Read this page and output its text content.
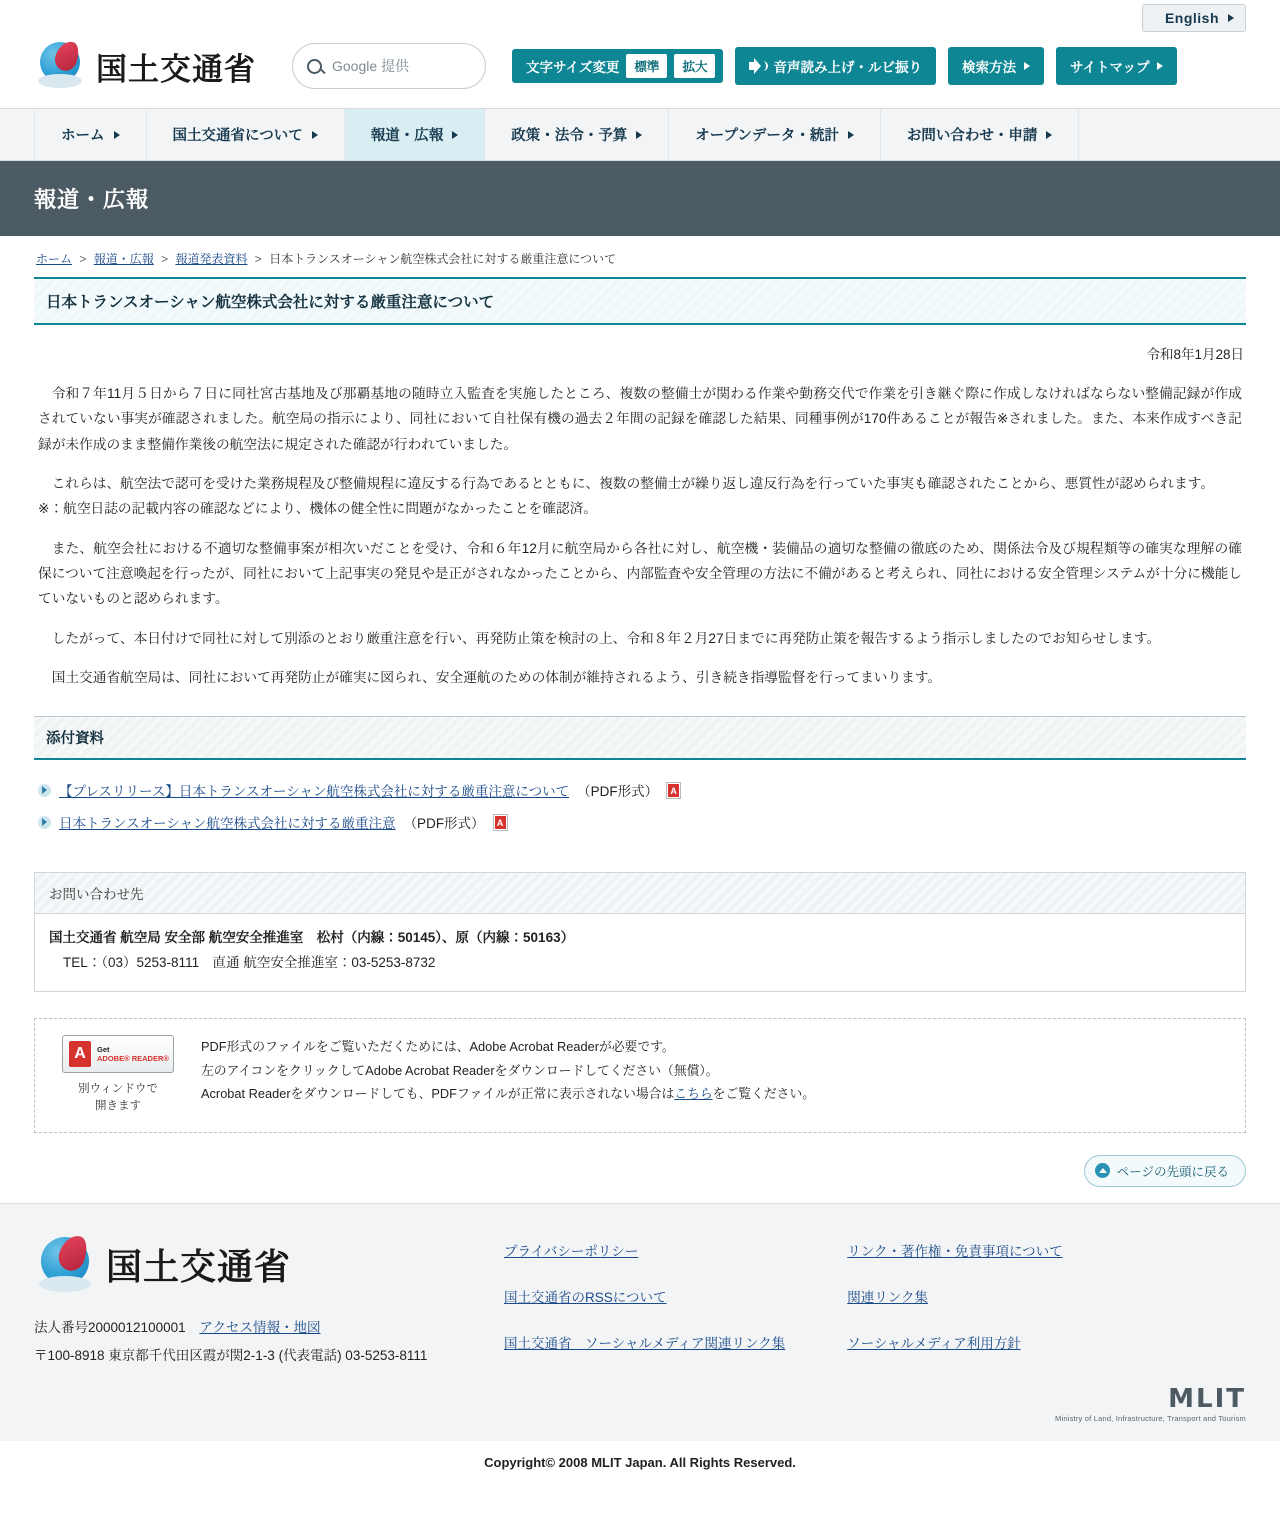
English
国土交通省	Google 提供	文字サイズ変更	標準	拡大	音声読み上げ・ルビ振り	検索方法	サイトマップ
ホーム	国土交通省について	報道・広報	政策・法令・予算	オープンデータ・統計	お問い合わせ・申請
報道・広報
ホーム > 報道・広報 > 報道発表資料 > 日本トランスオーシャン航空株式会社に対する厳重注意について
日本トランスオーシャン航空株式会社に対する厳重注意について
令和8年1月28日

令和７年11月５日から７日に同社宮古基地及び那覇基地の随時立入監査を実施したところ、複数の整備士が関わる作業や勤務交代で作業を引き継ぐ際に作成しなければならない整備記録が作成されていない事実が確認されました。航空局の指示により、同社において自社保有機の過去２年間の記録を確認した結果、同種事例が170件あることが報告※されました。また、本来作成すべき記録が未作成のまま整備作業後の航空法に規定された確認が行われていました。

これらは、航空法で認可を受けた業務規程及び整備規程に違反する行為であるとともに、複数の整備士が繰り返し違反行為を行っていた事実も確認されたことから、悪質性が認められます。

※：航空日誌の記載内容の確認などにより、機体の健全性に問題がなかったことを確認済。

また、航空会社における不適切な整備事案が相次いだことを受け、令和６年12月に航空局から各社に対し、航空機・装備品の適切な整備の徹底のため、関係法令及び規程類等の確実な理解の確保について注意喚起を行ったが、同社において上記事実の発見や是正がされなかったことから、内部監査や安全管理の方法に不備があると考えられ、同社における安全管理システムが十分に機能していないものと認められます。

したがって、本日付けで同社に対して別添のとおり厳重注意を行い、再発防止策を検討の上、令和８年２月27日までに再発防止策を報告するよう指示しましたのでお知らせします。

国土交通省航空局は、同社において再発防止が確実に図られ、安全運航のための体制が維持されるよう、引き続き指導監督を行ってまいります。

添付資料
【プレスリリース】日本トランスオーシャン航空株式会社に対する厳重注意について （PDF形式）
A
日本トランスオーシャン航空株式会社に対する厳重注意 （PDF形式）
A
お問い合わせ先
国土交通省 航空局 安全部 航空安全推進室　松村（内線：50145）、原（内線：50163）
TEL：（03）5253-8111　直通 航空安全推進室：03-5253-8732
A	Get
ADOBE® READER®
別ウィンドウで
開きます
PDF形式のファイルをご覧いただくためには、Adobe Acrobat Readerが必要です。
左のアイコンをクリックしてAdobe Acrobat Readerをダウンロードしてください（無償）。
Acrobat Readerをダウンロードしても、PDFファイルが正常に表示されない場合はこちらをご覧ください。
ページの先頭に戻る
国土交通省
法人番号2000012100001 アクセス情報・地図
〒100-8918 東京都千代田区霞が関2-1-3 (代表電話) 03-5253-8111
プライバシーポリシー
国土交通省のRSSについて
国土交通省　ソーシャルメディア関連リンク集
リンク・著作権・免責事項について
関連リンク集
ソーシャルメディア利用方針
MLIT
Ministry of Land, Infrastructure, Transport and Tourism
Copyright© 2008 MLIT Japan. All Rights Reserved.
